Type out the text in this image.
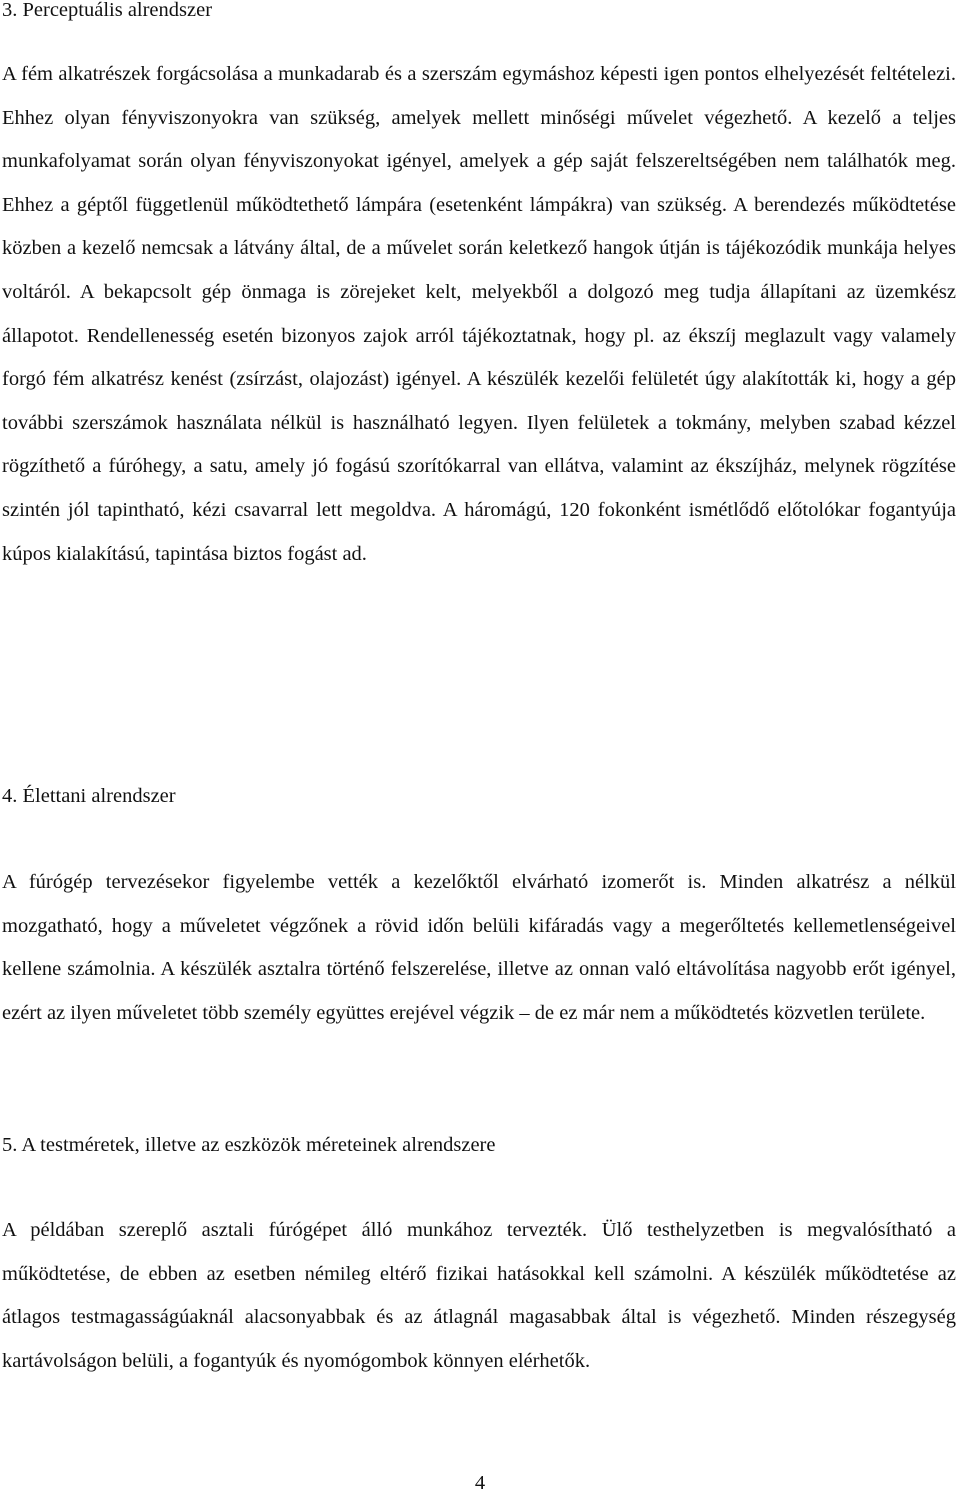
3. Perceptuális alrendszer

A fém alkatrészek forgácsolása a munkadarab és a szerszám egymáshoz képesti igen pontos elhelyezését feltételezi. Ehhez olyan fényviszonyokra van szükség, amelyek mellett minőségi művelet végezhető. A kezelő a teljes munkafolyamat során olyan fényviszonyokat igényel, amelyek a gép saját felszereltségében nem találhatók meg. Ehhez a géptől függetlenül működtethető lámpára (esetenként lámpákra) van szükség. A berendezés működtetése közben a kezelő nemcsak a látvány által, de a művelet során keletkező hangok útján is tájékozódik munkája helyes voltáról. A bekapcsolt gép önmaga is zörejeket kelt, melyekből a dolgozó meg tudja állapítani az üzemkész állapotot. Rendellenesség esetén bizonyos zajok arról tájékoztatnak, hogy pl. az ékszíj meglazult vagy valamely forgó fém alkatrész kenést (zsírzást, olajozást) igényel. A készülék kezelői felületét úgy alakították ki, hogy a gép további szerszámok használata nélkül is használható legyen. Ilyen felületek a tokmány, melyben szabad kézzel rögzíthető a fúróhegy, a satu, amely jó fogású szorítókarral van ellátva, valamint az ékszíjház, melynek rögzítése szintén jól tapintható, kézi csavarral lett megoldva. A háromágú, 120 fokonként ismétlődő előtolókar fogantyúja kúpos kialakítású, tapintása biztos fogást ad.

4. Élettani alrendszer

A fúrógép tervezésekor figyelembe vették a kezelőktől elvárható izomerőt is. Minden alkatrész a nélkül mozgatható, hogy a műveletet végzőnek a rövid időn belüli kifáradás vagy a megerőltetés kellemetlenségeivel kellene számolnia. A készülék asztalra történő felszerelése, illetve az onnan való eltávolítása nagyobb erőt igényel, ezért az ilyen műveletet több személy együttes erejével végzik – de ez már nem a működtetés közvetlen területe.

5. A testméretek, illetve az eszközök méreteinek alrendszere

A példában szereplő asztali fúrógépet álló munkához tervezték. Ülő testhelyzetben is megvalósítható a működtetése, de ebben az esetben némileg eltérő fizikai hatásokkal kell számolni. A készülék működtetése az átlagos testmagasságúaknál alacsonyabbak és az átlagnál magasabbak által is végezhető. Minden részegység kartávolságon belüli, a fogantyúk és nyomógombok könnyen elérhetők.

4
